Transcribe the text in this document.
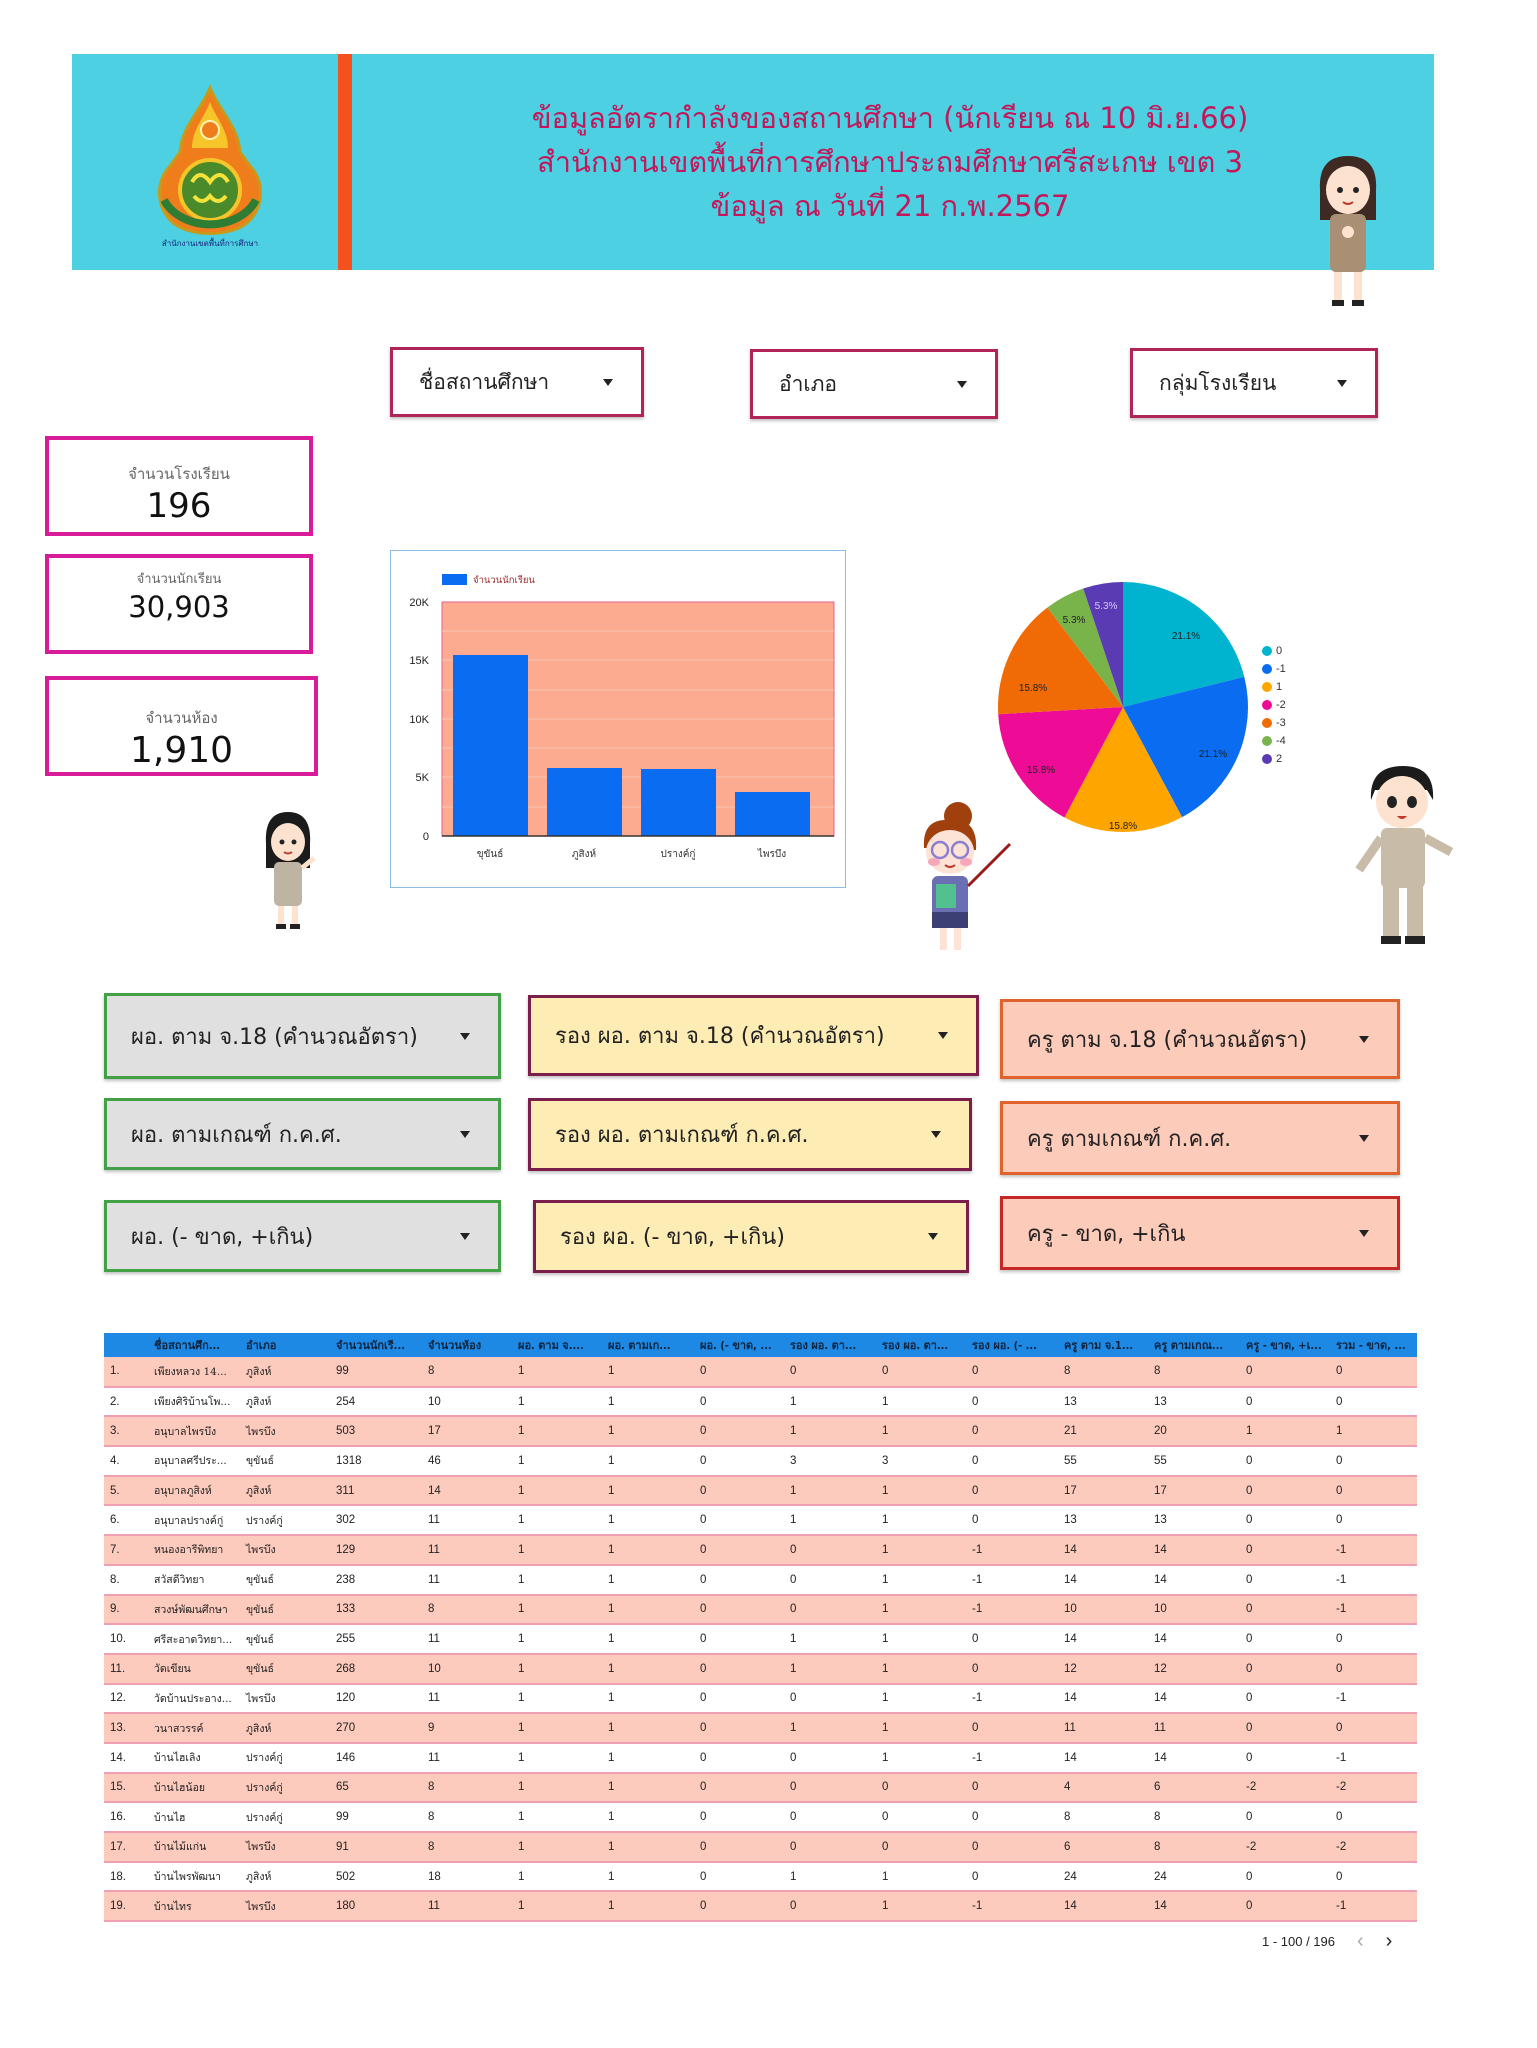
สำนักงานเขตพื้นที่การศึกษา
ข้อมูลอัตรากำลังของสถานศึกษา (นักเรียน ณ 10 มิ.ย.66)
สำนักงานเขตพื้นที่การศึกษาประถมศึกษาศรีสะเกษ เขต 3
ข้อมูล ณ วันที่ 21 ก.พ.2567
ชื่อสถานศึกษา	อำเภอ	กลุ่มโรงเรียน
จำนวนโรงเรียน
196
จำนวนนักเรียน
30,903
จำนวนห้อง
1,910
จำนวนนักเรียน
20K
15K
10K
5K
0
ขุขันธ์	ภูสิงห์	ปรางค์กู่	ไพรบึง
21.1%
21.1%
15.8%
15.8%
15.8%
5.3%
5.3%
0
-1
1
-2
-3
-4
2
ผอ. ตาม จ.18 (คำนวณอัตรา)	รอง ผอ. ตาม จ.18 (คำนวณอัตรา)	ครู ตาม จ.18 (คำนวณอัตรา)
ผอ. ตามเกณฑ์ ก.ค.ศ.	รอง ผอ. ตามเกณฑ์ ก.ค.ศ.	ครู ตามเกณฑ์ ก.ค.ศ.
ผอ. (- ขาด, +เกิน)	รอง ผอ. (- ขาด, +เกิน)	ครู - ขาด, +เกิน
	ชื่อสถานศึก...	อำเภอ	จำนวนนักเรี...	จำนวนห้อง	ผอ. ตาม จ....	ผอ. ตามเก...	ผอ. (- ขาด, ...	รอง ผอ. ตา...	รอง ผอ. ตา...	รอง ผอ. (- ...	ครู ตาม จ.1...	ครู ตามเกณ...	ครู - ขาด, +เ...	รวม - ขาด, ...
1.	เพียงหลวง 14...	ภูสิงห์	99	8	1	1	0	0	0	0	8	8	0	0
2.	เพียงศิริบ้านโพ...	ภูสิงห์	254	10	1	1	0	1	1	0	13	13	0	0
3.	อนุบาลไพรบึง	ไพรบึง	503	17	1	1	0	1	1	0	21	20	1	1
4.	อนุบาลศรีประ...	ขุขันธ์	1318	46	1	1	0	3	3	0	55	55	0	0
5.	อนุบาลภูสิงห์	ภูสิงห์	311	14	1	1	0	1	1	0	17	17	0	0
6.	อนุบาลปรางค์กู่	ปรางค์กู่	302	11	1	1	0	1	1	0	13	13	0	0
7.	หนองอารีพิทยา	ไพรบึง	129	11	1	1	0	0	1	-1	14	14	0	-1
8.	สวัสดีวิทยา	ขุขันธ์	238	11	1	1	0	0	1	-1	14	14	0	-1
9.	สวงษ์พัฒนศึกษา	ขุขันธ์	133	8	1	1	0	0	1	-1	10	10	0	-1
10.	ศรีสะอาดวิทยา...	ขุขันธ์	255	11	1	1	0	1	1	0	14	14	0	0
11.	วัดเขียน	ขุขันธ์	268	10	1	1	0	1	1	0	12	12	0	0
12.	วัดบ้านประอาง...	ไพรบึง	120	11	1	1	0	0	1	-1	14	14	0	-1
13.	วนาสวรรค์	ภูสิงห์	270	9	1	1	0	1	1	0	11	11	0	0
14.	บ้านไฮเลิง	ปรางค์กู่	146	11	1	1	0	0	1	-1	14	14	0	-1
15.	บ้านไฮน้อย	ปรางค์กู่	65	8	1	1	0	0	0	0	4	6	-2	-2
16.	บ้านไฮ	ปรางค์กู่	99	8	1	1	0	0	0	0	8	8	0	0
17.	บ้านไม้แก่น	ไพรบึง	91	8	1	1	0	0	0	0	6	8	-2	-2
18.	บ้านไพรพัฒนา	ภูสิงห์	502	18	1	1	0	1	1	0	24	24	0	0
19.	บ้านไทร	ไพรบึง	180	11	1	1	0	0	1	-1	14	14	0	-1
1 - 100 / 196 ‹ ›
